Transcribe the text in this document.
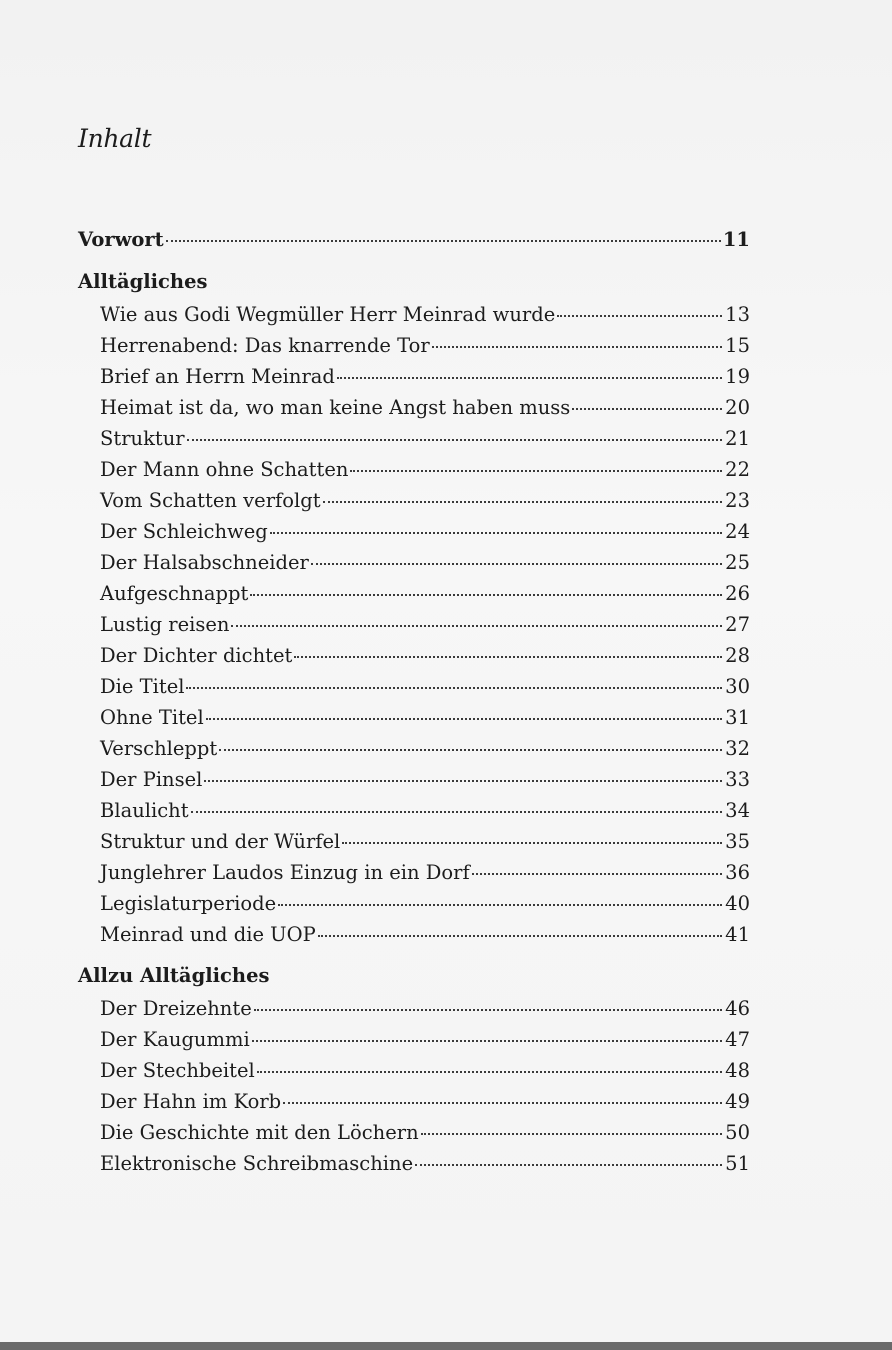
Inhalt
Vorwort	11
Alltägliches
Wie aus Godi Wegmüller Herr Meinrad wurde	13
Herrenabend: Das knarrende Tor	15
Brief an Herrn Meinrad	19
Heimat ist da, wo man keine Angst haben muss	20
Struktur	21
Der Mann ohne Schatten	22
Vom Schatten verfolgt	23
Der Schleichweg	24
Der Halsabschneider	25
Aufgeschnappt	26
Lustig reisen	27
Der Dichter dichtet	28
Die Titel	30
Ohne Titel	31
Verschleppt	32
Der Pinsel	33
Blaulicht	34
Struktur und der Würfel	35
Junglehrer Laudos Einzug in ein Dorf	36
Legislaturperiode	40
Meinrad und die UOP	41
Allzu Alltägliches
Der Dreizehnte	46
Der Kaugummi	47
Der Stechbeitel	48
Der Hahn im Korb	49
Die Geschichte mit den Löchern	50
Elektronische Schreibmaschine	51
